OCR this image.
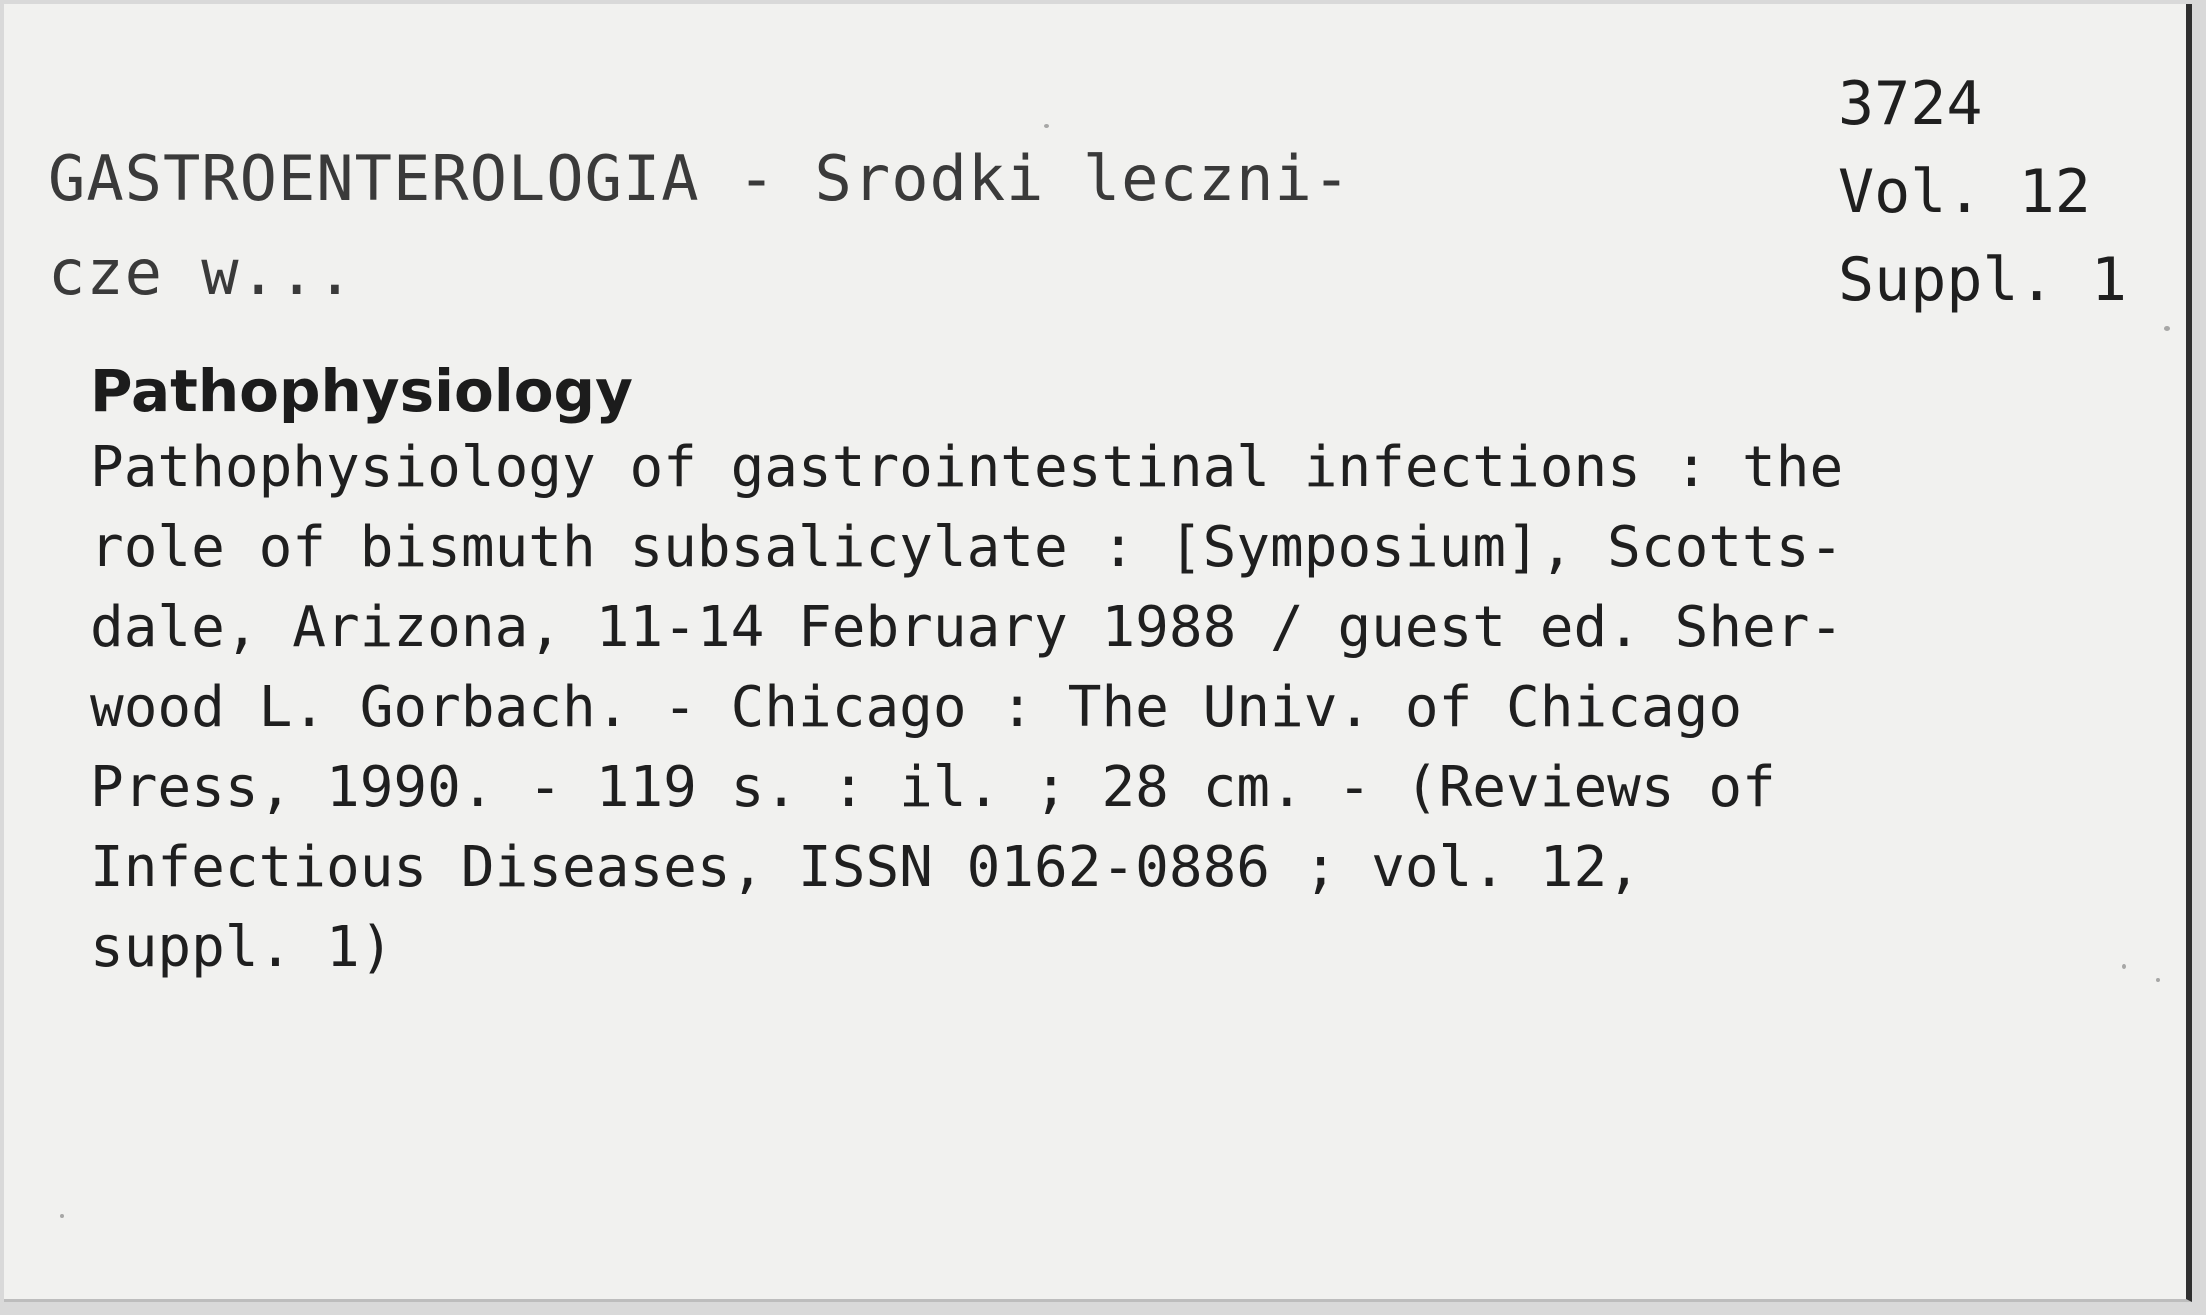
GASTROENTEROLOGIA - Srodki leczni-
cze w...
3724
Vol. 12
Suppl. 1
Pathophysiology
Pathophysiology of gastrointestinal infections : the
role of bismuth subsalicylate : [Symposium], Scotts-
dale, Arizona, 11-14 February 1988 / guest ed. Sher-
wood L. Gorbach. - Chicago : The Univ. of Chicago
Press, 1990. - 119 s. : il. ; 28 cm. - (Reviews of
Infectious Diseases, ISSN 0162-0886 ; vol. 12,
suppl. 1)
